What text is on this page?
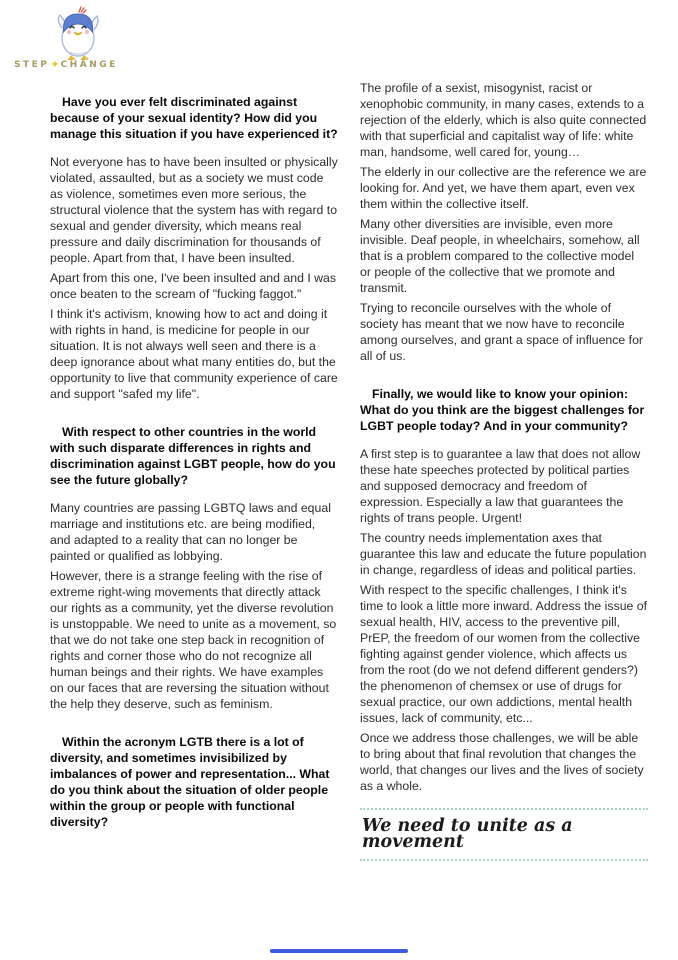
STEP ✦ CHANGE

Have you ever felt discriminated against because of your sexual identity? How did you manage this situation if you have experienced it?

Not everyone has to have been insulted or physically violated, assaulted, but as a society we must code as violence, sometimes even more serious, the structural violence that the system has with regard to sexual and gender diversity, which means real pressure and daily discrimination for thousands of people. Apart from that, I have been insulted.

Apart from this one, I've been insulted and and I was once beaten to the scream of "fucking faggot."

I think it's activism, knowing how to act and doing it with rights in hand, is medicine for people in our situation. It is not always well seen and there is a deep ignorance about what many entities do, but the opportunity to live that community experience of care and support "safed my life".

With respect to other countries in the world with such disparate differences in rights and discrimination against LGBT people, how do you see the future globally?

Many countries are passing LGBTQ laws and equal marriage and institutions etc. are being modified, and adapted to a reality that can no longer be painted or qualified as lobbying.

However, there is a strange feeling with the rise of extreme right-wing movements that directly attack our rights as a community, yet the diverse revolution is unstoppable. We need to unite as a movement, so that we do not take one step back in recognition of rights and corner those who do not recognize all human beings and their rights. We have examples on our faces that are reversing the situation without the help they deserve, such as feminism.

Within the acronym LGTB there is a lot of diversity, and sometimes invisibilized by imbalances of power and representation... What do you think about the situation of older people within the group or people with functional diversity?

The profile of a sexist, misogynist, racist or xenophobic community, in many cases, extends to a rejection of the elderly, which is also quite connected with that superficial and capitalist way of life: white man, handsome, well cared for, young…

The elderly in our collective are the reference we are looking for. And yet, we have them apart, even vex them within the collective itself.

Many other diversities are invisible, even more invisible. Deaf people, in wheelchairs, somehow, all that is a problem compared to the collective model or people of the collective that we promote and transmit.

Trying to reconcile ourselves with the whole of society has meant that we now have to reconcile among ourselves, and grant a space of influence for all of us.

Finally, we would like to know your opinion: What do you think are the biggest challenges for LGBT people today? And in your community?

A first step is to guarantee a law that does not allow these hate speeches protected by political parties and supposed democracy and freedom of expression. Especially a law that guarantees the rights of trans people. Urgent!

The country needs implementation axes that guarantee this law and educate the future population in change, regardless of ideas and political parties.

With respect to the specific challenges, I think it's time to look a little more inward. Address the issue of sexual health, HIV, access to the preventive pill, PrEP, the freedom of our women from the collective fighting against gender violence, which affects us from the root (do we not defend different genders?) the phenomenon of chemsex or use of drugs for sexual practice, our own addictions, mental health issues, lack of community, etc...

Once we address those challenges, we will be able to bring about that final revolution that changes the world, that changes our lives and the lives of society as a whole.

We need to unite as a movement
